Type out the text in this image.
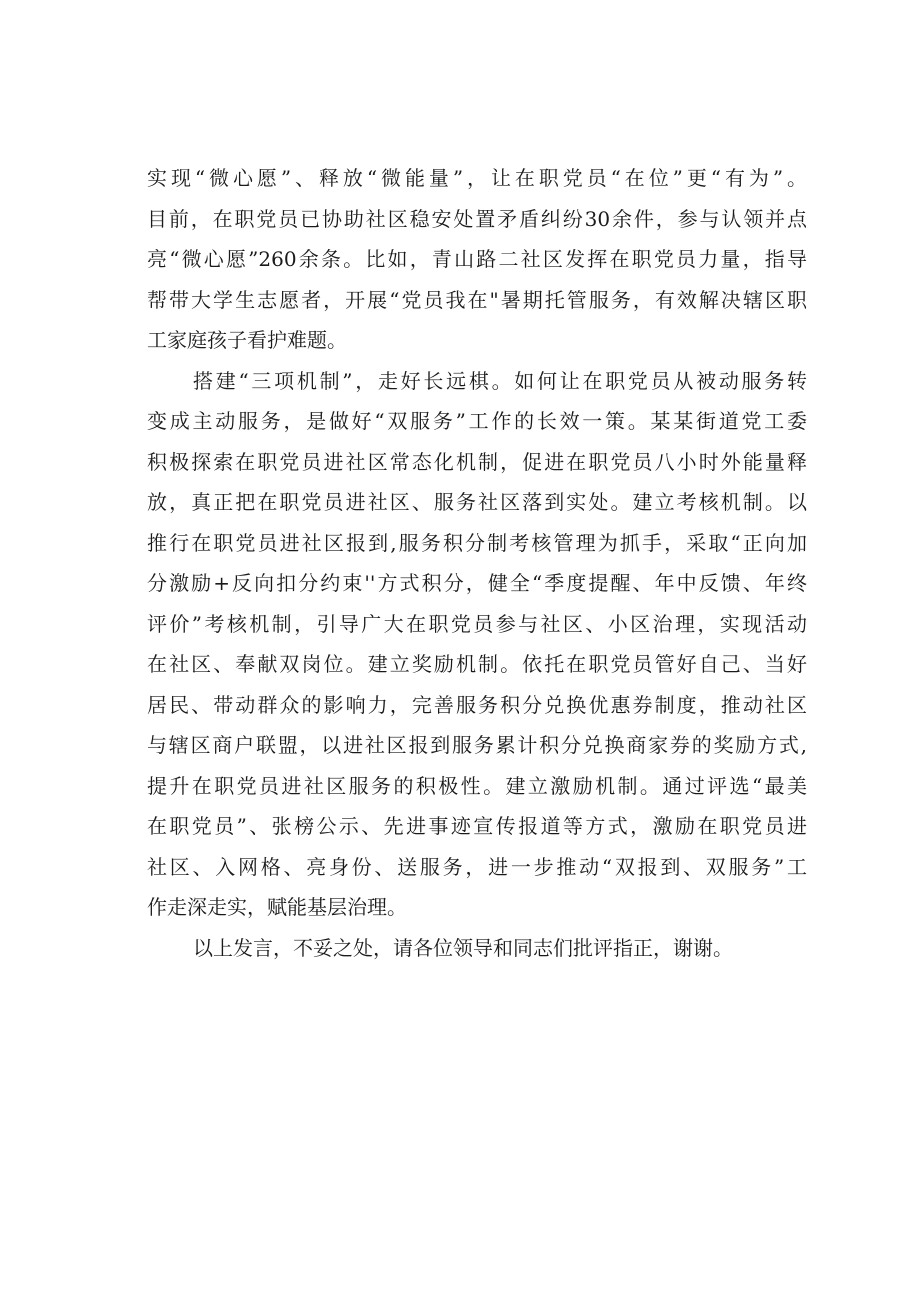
实现“微心愿”、释放“微能量”，让在职党员“在位”更“有为”。
目前，在职党员已协助社区稳安处置矛盾纠纷30余件，参与认领并点
亮“微心愿”260余条。比如，青山路二社区发挥在职党员力量，指导
帮带大学生志愿者，开展“党员我在"暑期托管服务，有效解决辖区职
工家庭孩子看护难题。
搭建“三项机制”，走好长远棋。如何让在职党员从被动服务转
变成主动服务，是做好“双服务”工作的长效一策。某某街道党工委
积极探索在职党员进社区常态化机制，促进在职党员八小时外能量释
放，真正把在职党员进社区、服务社区落到实处。建立考核机制。以
推行在职党员进社区报到,服务积分制考核管理为抓手，采取“正向加
分激励+反向扣分约束''方式积分，健全“季度提醒、年中反馈、年终
评价”考核机制，引导广大在职党员参与社区、小区治理，实现活动
在社区、奉献双岗位。建立奖励机制。依托在职党员管好自己、当好
居民、带动群众的影响力，完善服务积分兑换优惠券制度，推动社区
与辖区商户联盟，以进社区报到服务累计积分兑换商家券的奖励方式,
提升在职党员进社区服务的积极性。建立激励机制。通过评选“最美
在职党员”、张榜公示、先进事迹宣传报道等方式，激励在职党员进
社区、入网格、亮身份、送服务，进一步推动“双报到、双服务”工
作走深走实，赋能基层治理。
以上发言，不妥之处，请各位领导和同志们批评指正，谢谢。
